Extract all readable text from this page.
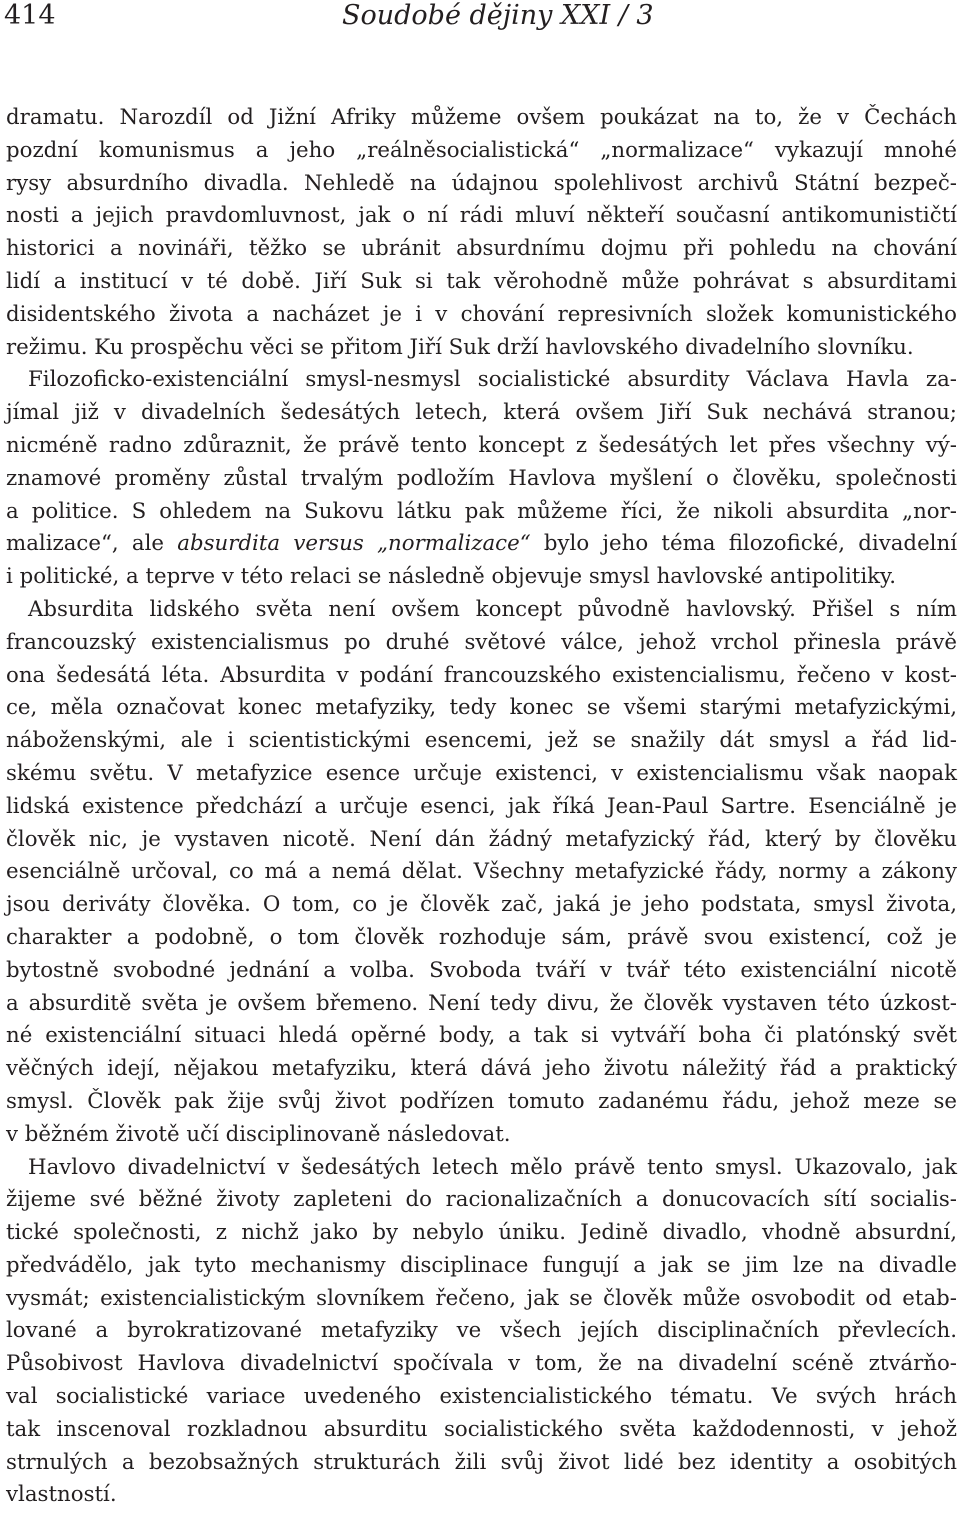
414	Soudobé dějiny XXI / 3
dramatu. Narozdíl od Jižní Afriky můžeme ovšem poukázat na to, že v Čechách
pozdní komunismus a jeho „reálněsocialistická“ „normalizace“ vykazují mnohé
rysy absurdního divadla. Nehledě na údajnou spolehlivost archivů Státní bezpeč-
nosti a jejich pravdomluvnost, jak o ní rádi mluví někteří současní antikomunističtí
historici a novináři, těžko se ubránit absurdnímu dojmu při pohledu na chování
lidí a institucí v té době. Jiří Suk si tak věrohodně může pohrávat s absurditami
disidentského života a nacházet je i v chování represivních složek komunistického
režimu. Ku prospěchu věci se přitom Jiří Suk drží havlovského divadelního slovníku.
Filozoficko-existenciální smysl-nesmysl socialistické absurdity Václava Havla za-
jímal již v divadelních šedesátých letech, která ovšem Jiří Suk nechává stranou;
nicméně radno zdůraznit, že právě tento koncept z šedesátých let přes všechny vý-
znamové proměny zůstal trvalým podložím Havlova myšlení o člověku, společnosti
a politice. S ohledem na Sukovu látku pak můžeme říci, že nikoli absurdita „nor-
malizace“, ale absurdita versus „normalizace“ bylo jeho téma filozofické, divadelní
i politické, a teprve v této relaci se následně objevuje smysl havlovské antipolitiky.
Absurdita lidského světa není ovšem koncept původně havlovský. Přišel s ním
francouzský existencialismus po druhé světové válce, jehož vrchol přinesla právě
ona šedesátá léta. Absurdita v podání francouzského existencialismu, řečeno v kost-
ce, měla označovat konec metafyziky, tedy konec se všemi starými metafyzickými,
náboženskými, ale i scientistickými esencemi, jež se snažily dát smysl a řád lid-
skému světu. V metafyzice esence určuje existenci, v existencialismu však naopak
lidská existence předchází a určuje esenci, jak říká Jean-Paul Sartre. Esenciálně je
člověk nic, je vystaven nicotě. Není dán žádný metafyzický řád, který by člověku
esenciálně určoval, co má a nemá dělat. Všechny metafyzické řády, normy a zákony
jsou deriváty člověka. O tom, co je člověk zač, jaká je jeho podstata, smysl života,
charakter a podobně, o tom člověk rozhoduje sám, právě svou existencí, což je
bytostně svobodné jednání a volba. Svoboda tváří v tvář této existenciální nicotě
a absurditě světa je ovšem břemeno. Není tedy divu, že člověk vystaven této úzkost-
né existenciální situaci hledá opěrné body, a tak si vytváří boha či platónský svět
věčných idejí, nějakou metafyziku, která dává jeho životu náležitý řád a praktický
smysl. Člověk pak žije svůj život podřízen tomuto zadanému řádu, jehož meze se
v běžném životě učí disciplinovaně následovat.
Havlovo divadelnictví v šedesátých letech mělo právě tento smysl. Ukazovalo, jak
žijeme své běžné životy zapleteni do racionalizačních a donucovacích sítí socialis-
tické společnosti, z nichž jako by nebylo úniku. Jedině divadlo, vhodně absurdní,
předvádělo, jak tyto mechanismy disciplinace fungují a jak se jim lze na divadle
vysmát; existencialistickým slovníkem řečeno, jak se člověk může osvobodit od etab-
lované a byrokratizované metafyziky ve všech jejích disciplinačních převlecích.
Působivost Havlova divadelnictví spočívala v tom, že na divadelní scéně ztvárňo-
val socialistické variace uvedeného existencialistického tématu. Ve svých hrách
tak inscenoval rozkladnou absurditu socialistického světa každodennosti, v jehož
strnulých a bezobsažných strukturách žili svůj život lidé bez identity a osobitých
vlastností.
